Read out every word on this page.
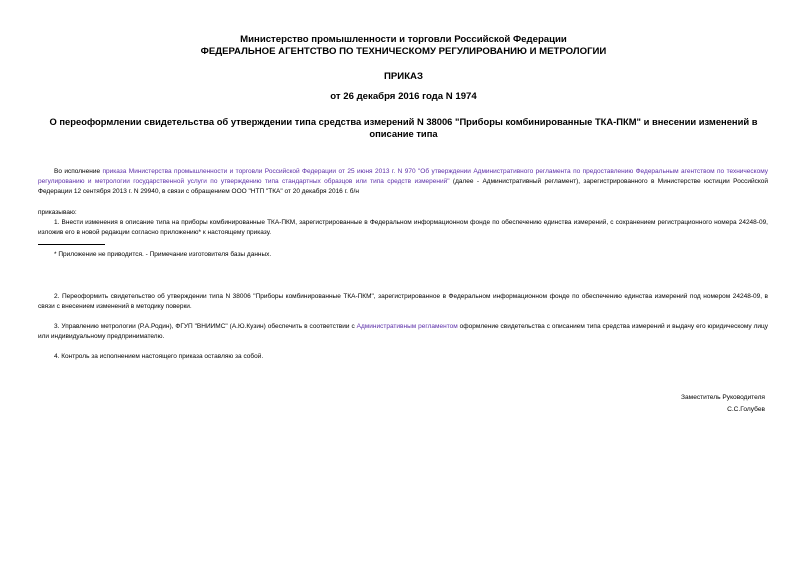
Министерство промышленности и торговли Российской Федерации
ФЕДЕРАЛЬНОЕ АГЕНТСТВО ПО ТЕХНИЧЕСКОМУ РЕГУЛИРОВАНИЮ И МЕТРОЛОГИИ
ПРИКАЗ
от 26 декабря 2016 года N 1974
О переоформлении свидетельства об утверждении типа средства измерений N 38006 "Приборы комбинированные ТКА-ПКМ" и внесении изменений в описание типа
Во исполнение приказа Министерства промышленности и торговли Российской Федерации от 25 июня 2013 г. N 970 "Об утверждении Административного регламента по предоставлению Федеральным агентством по техническому регулированию и метрологии государственной услуги по утверждению типа стандартных образцов или типа средств измерений" (далее - Административный регламент), зарегистрированного в Министерстве юстиции Российской Федерации 12 сентября 2013 г. N 29940, в связи с обращением ООО "НТП "ТКА" от 20 декабря 2016 г. б/н
приказываю:
1. Внести изменения в описание типа на приборы комбинированные ТКА-ПКМ, зарегистрированные в Федеральном информационном фонде по обеспечению единства измерений, с сохранением регистрационного номера 24248-09, изложив его в новой редакции согласно приложению* к настоящему приказу.
* Приложение не приводится. - Примечание изготовителя базы данных.
2. Переоформить свидетельство об утверждении типа N 38006 "Приборы комбинированные ТКА-ПКМ", зарегистрированное в Федеральном информационном фонде по обеспечению единства измерений под номером 24248-09, в связи с внесением изменений в методику поверки.
3. Управлению метрологии (Р.А.Родин), ФГУП "ВНИИМС" (А.Ю.Кузин) обеспечить в соответствии с Административным регламентом оформление свидетельства с описанием типа средства измерений и выдачу его юридическому лицу или индивидуальному предпринимателю.
4. Контроль за исполнением настоящего приказа оставляю за собой.
Заместитель Руководителя
С.С.Голубев
